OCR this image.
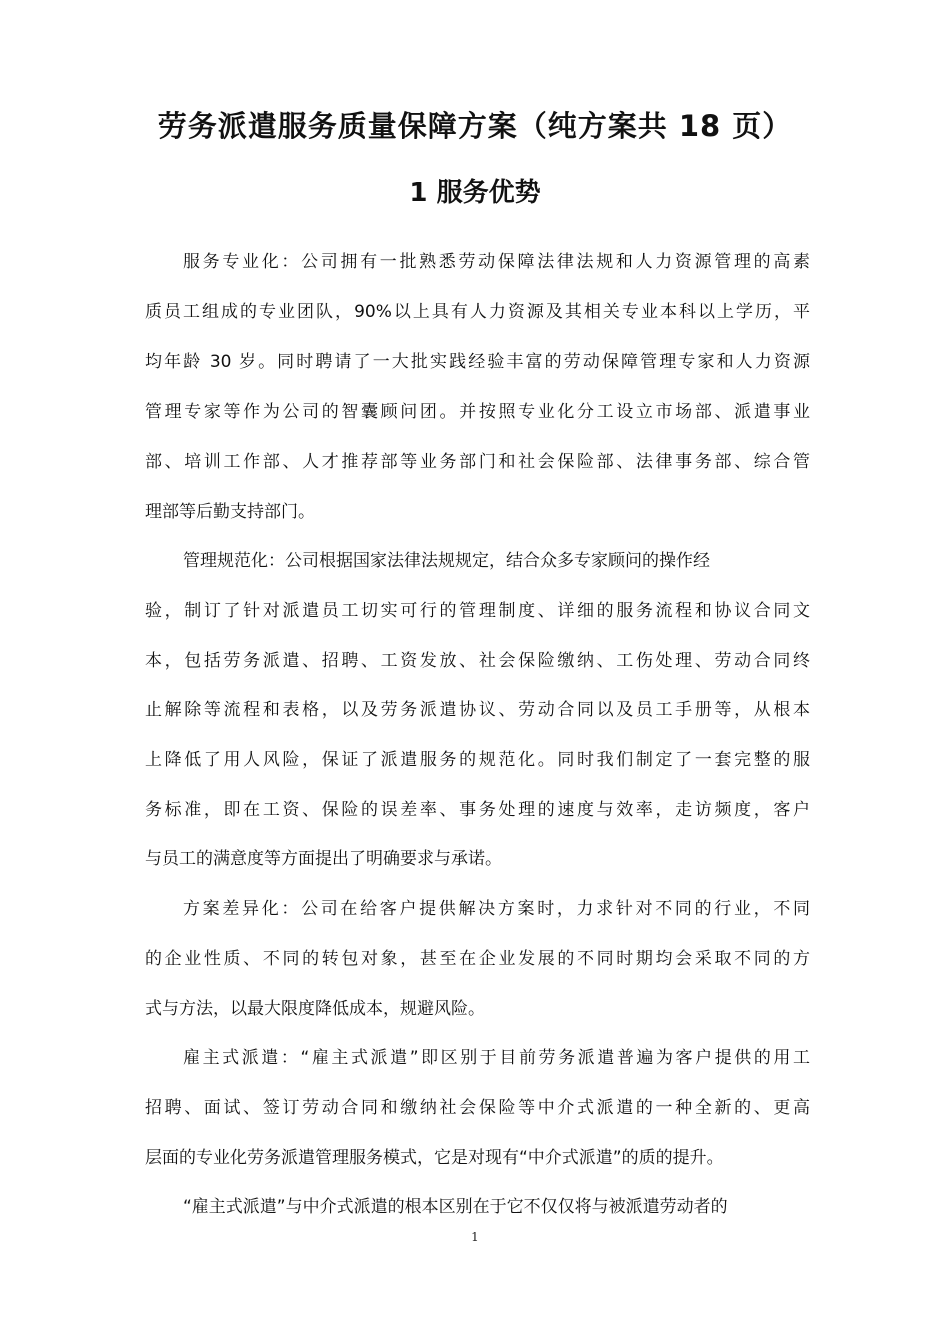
劳务派遣服务质量保障方案（纯方案共 18 页）
1 服务优势

服务专业化：公司拥有一批熟悉劳动保障法律法规和人力资源管理的高素

质员工组成的专业团队，90%以上具有人力资源及其相关专业本科以上学历，平

均年龄 30 岁。同时聘请了一大批实践经验丰富的劳动保障管理专家和人力资源

管理专家等作为公司的智囊顾问团。并按照专业化分工设立市场部、派遣事业

部、培训工作部、人才推荐部等业务部门和社会保险部、法律事务部、综合管

理部等后勤支持部门。

管理规范化：公司根据国家法律法规规定，结合众多专家顾问的操作经

验，制订了针对派遣员工切实可行的管理制度、详细的服务流程和协议合同文

本，包括劳务派遣、招聘、工资发放、社会保险缴纳、工伤处理、劳动合同终

止解除等流程和表格，以及劳务派遣协议、劳动合同以及员工手册等，从根本

上降低了用人风险，保证了派遣服务的规范化。同时我们制定了一套完整的服

务标准，即在工资、保险的误差率、事务处理的速度与效率，走访频度，客户

与员工的满意度等方面提出了明确要求与承诺。

方案差异化：公司在给客户提供解决方案时，力求针对不同的行业，不同

的企业性质、不同的转包对象，甚至在企业发展的不同时期均会采取不同的方

式与方法，以最大限度降低成本，规避风险。

雇主式派遣：“雇主式派遣”即区别于目前劳务派遣普遍为客户提供的用工

招聘、面试、签订劳动合同和缴纳社会保险等中介式派遣的一种全新的、更高

层面的专业化劳务派遣管理服务模式，它是对现有“中介式派遣”的质的提升。

“雇主式派遣”与中介式派遣的根本区别在于它不仅仅将与被派遣劳动者的

1
